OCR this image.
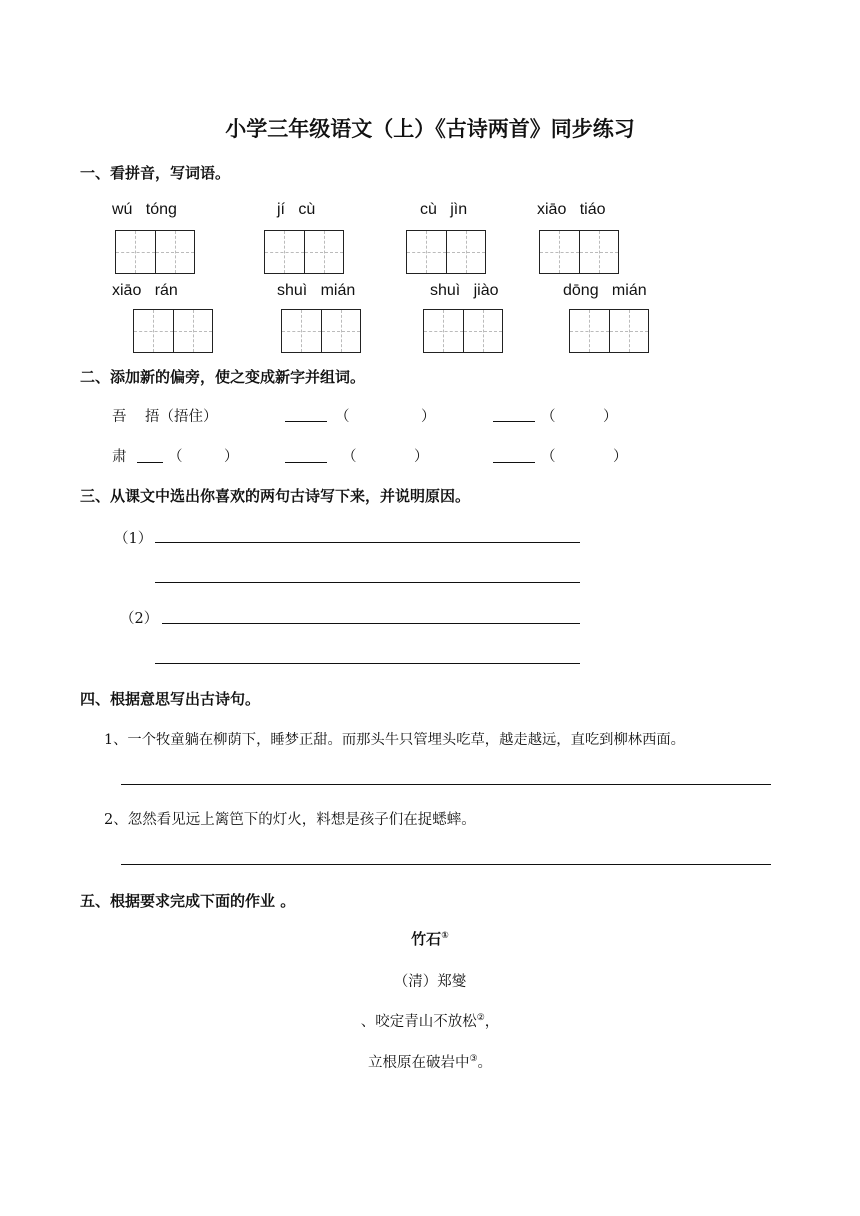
小学三年级语文（上）《古诗两首》同步练习
一、看拼音，写词语。
wú   tóng	jí   cù	cù   jìn	xiāo   tiáo
xiāo   rán	shuì   mián	shuì   jiào	dōng   mián
二、添加新的偏旁，使之变成新字并组词。
吾 捂（捂住）	（	）	（	）
肃	（	）	（	）	（	）
三、从课文中选出你喜欢的两句古诗写下来，并说明原因。
（1）
（2）
四、根据意思写出古诗句。
1、一个牧童躺在柳荫下，睡梦正甜。而那头牛只管埋头吃草，越走越远，直吃到柳林西面。
2、忽然看见远上篱笆下的灯火，料想是孩子们在捉蟋蟀。
五、根据要求完成下面的作业 。
竹石①
（清）郑燮
、咬定青山不放松②，
立根原在破岩中③。
